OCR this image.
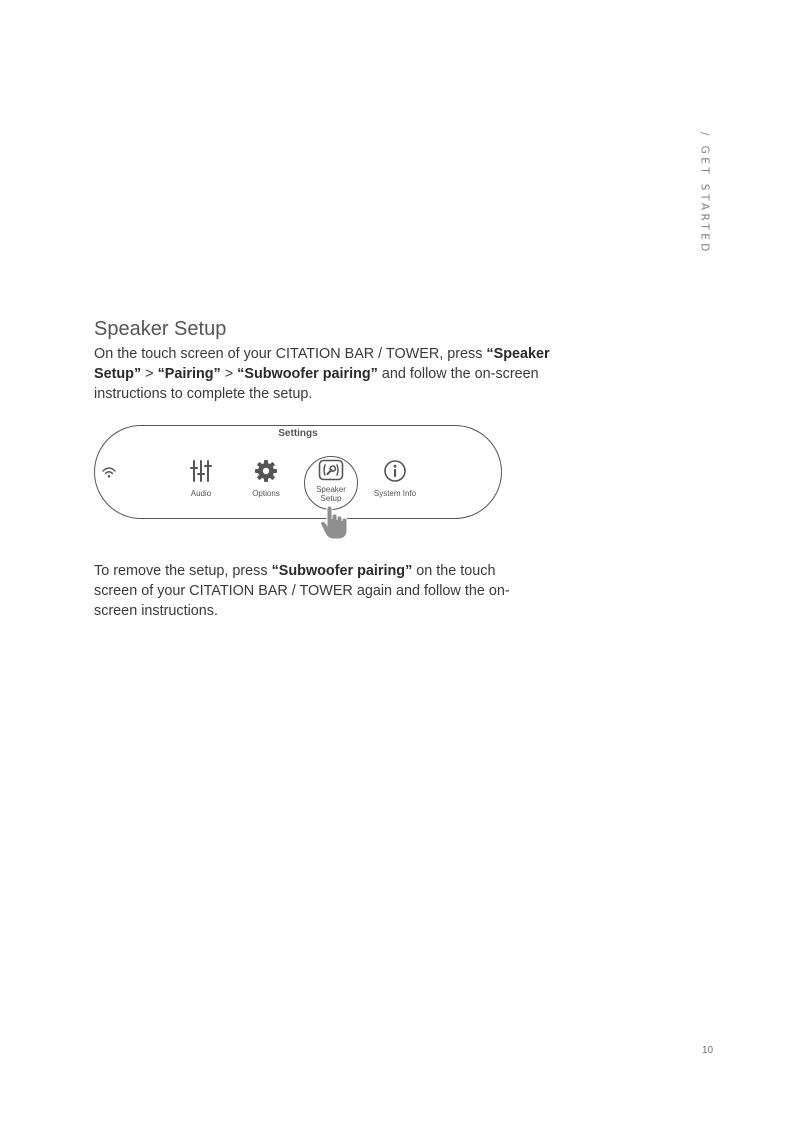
/ GET STARTED
Speaker Setup

On the touch screen of your CITATION BAR / TOWER, press “Speaker Setup” > “Pairing” > “Subwoofer pairing” and follow the on-screen instructions to complete the setup.

Settings
Audio	Options	Speaker Setup
System Info

To remove the setup, press “Subwoofer pairing” on the touch screen of your CITATION BAR / TOWER again and follow the on-screen instructions.

10
